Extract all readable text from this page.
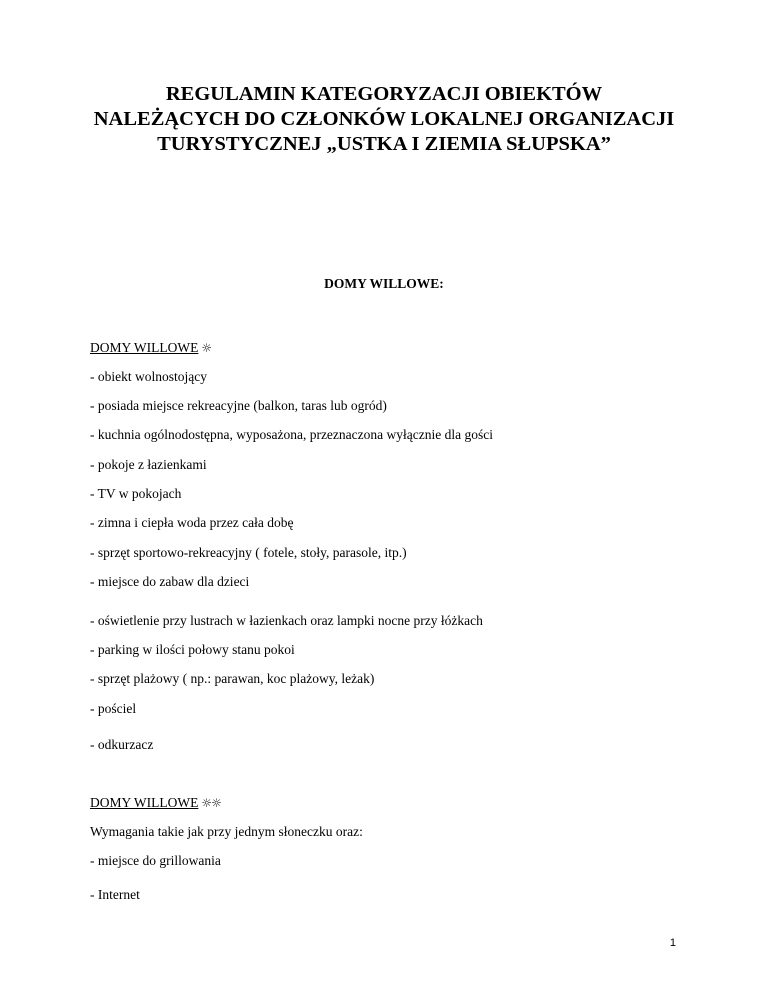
REGULAMIN KATEGORYZACJI OBIEKTÓW
NALEŻĄCYCH DO CZŁONKÓW LOKALNEJ ORGANIZACJI
TURYSTYCZNEJ „USTKA I ZIEMIA SŁUPSKA”
DOMY WILLOWE:
DOMY WILLOWE ☼
- obiekt wolnostojący
- posiada miejsce rekreacyjne (balkon, taras lub ogród)
- kuchnia ogólnodostępna, wyposażona, przeznaczona wyłącznie dla gości
- pokoje z łazienkami
- TV w pokojach
- zimna i ciepła woda przez cała dobę
- sprzęt sportowo-rekreacyjny ( fotele, stoły, parasole, itp.)
- miejsce do zabaw dla dzieci
- oświetlenie przy lustrach w łazienkach oraz lampki nocne przy łóżkach
- parking w ilości połowy stanu pokoi
- sprzęt plażowy ( np.: parawan, koc plażowy, leżak)
- pościel
- odkurzacz
DOMY WILLOWE ☼☼
Wymagania takie jak przy jednym słoneczku oraz:
- miejsce do grillowania
- Internet
1
